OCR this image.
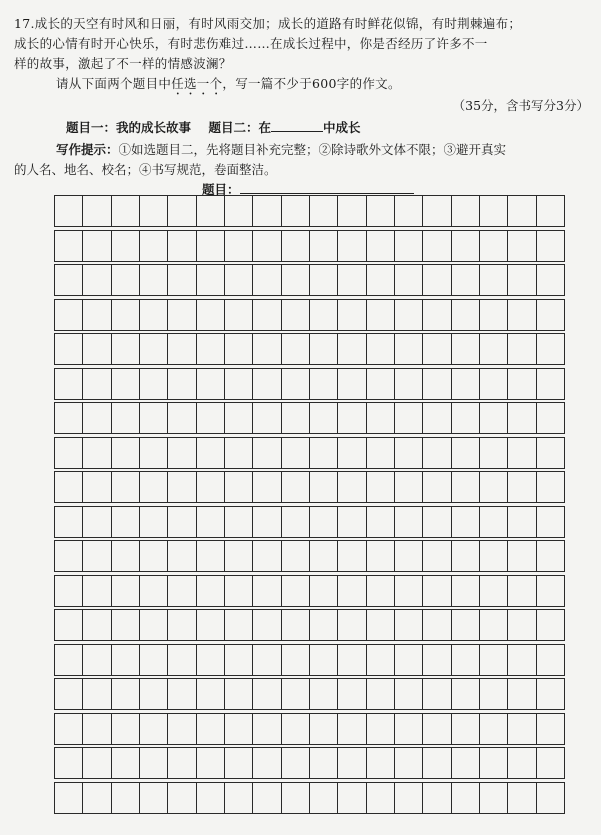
17.成长的天空有时风和日丽，有时风雨交加；成长的道路有时鲜花似锦，有时荆棘遍布；

成长的心情有时开心快乐，有时悲伤难过……在成长过程中，你是否经历了许多不一

样的故事，激起了不一样的情感波澜？

请从下面两个题目中任选一个，写一篇不少于600字的作文。

（35分，含书写分3分）
题目一：我的成长故事 题目二：在	中成长

写作提示：①如选题目二，先将题目补充完整；②除诗歌外文体不限；③避开真实

的人名、地名、校名；④书写规范，卷面整洁。

题目：
